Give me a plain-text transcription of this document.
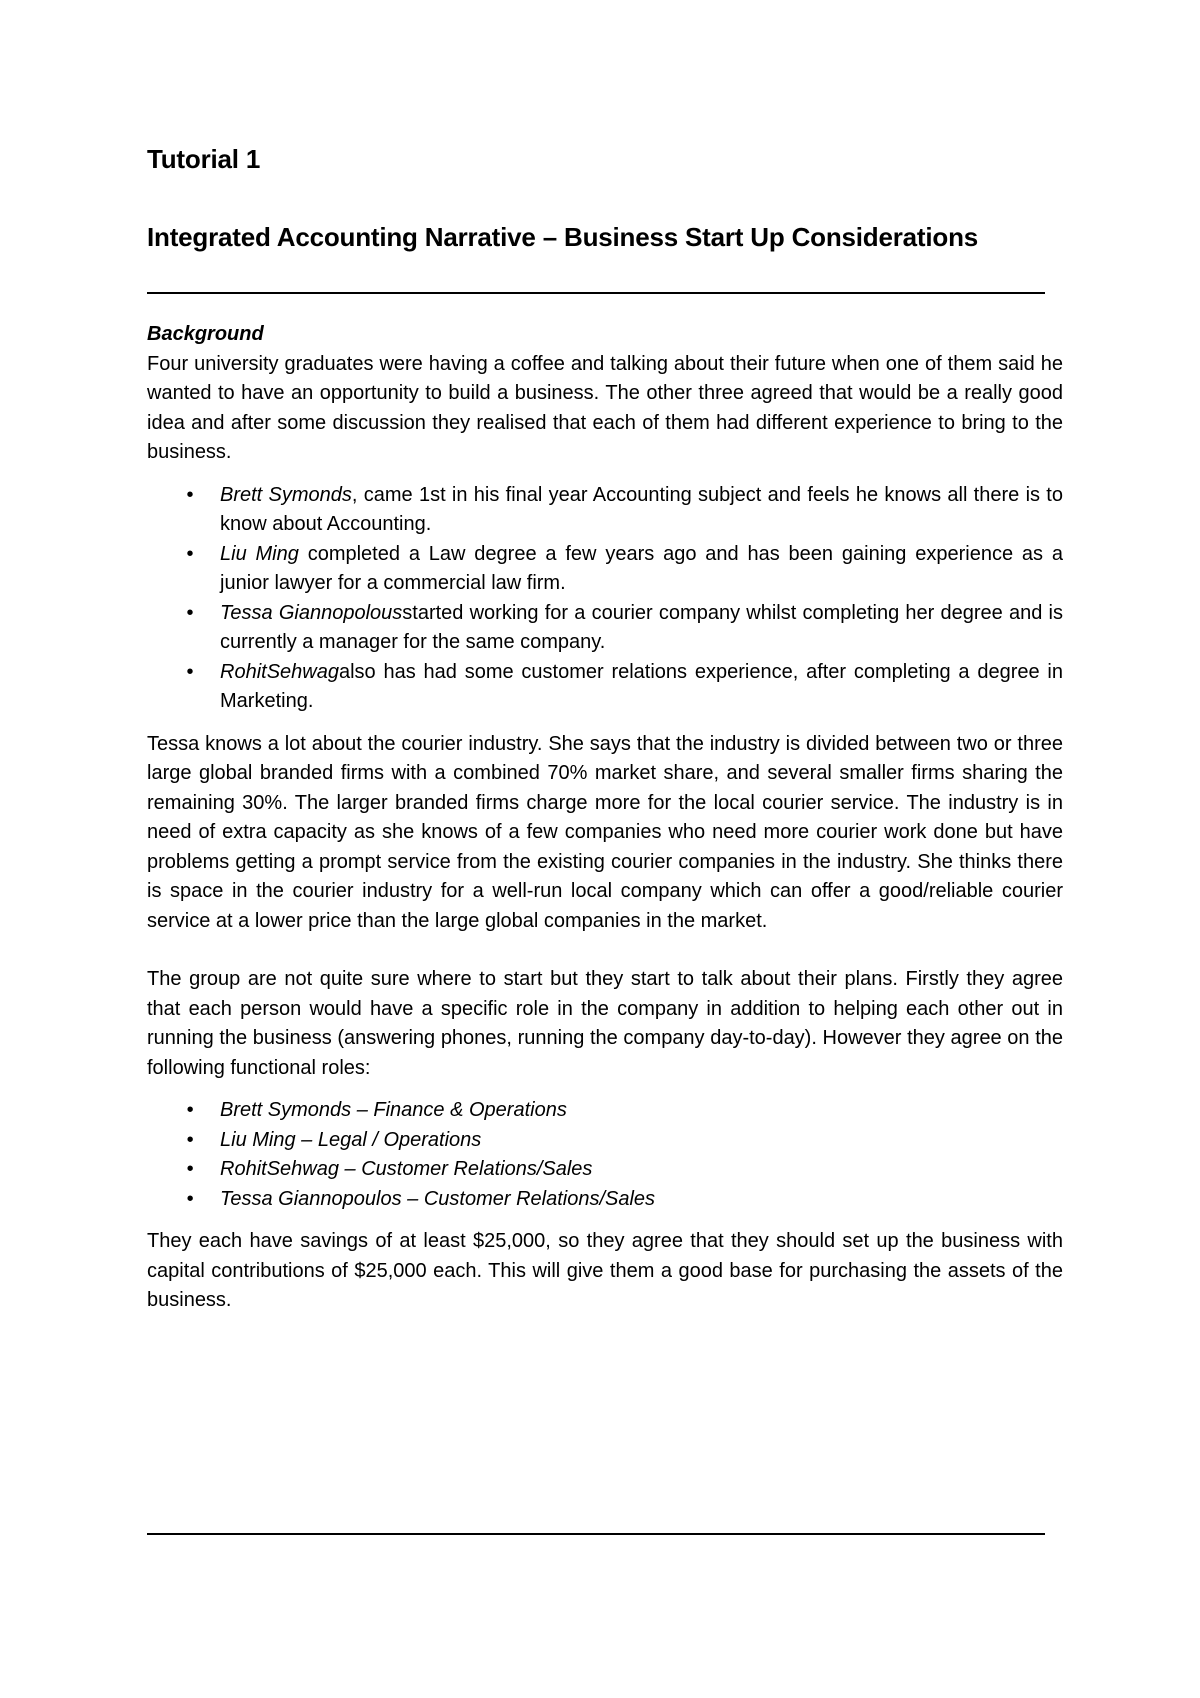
Tutorial 1
Integrated Accounting Narrative – Business Start Up Considerations

Background

Four university graduates were having a coffee and talking about their future when one of them said he wanted to have an opportunity to build a business. The other three agreed that would be a really good idea and after some discussion they realised that each of them had different experience to bring to the business.

•	Brett Symonds, came 1st in his final year Accounting subject and feels he knows all there is to know about Accounting.
•	Liu Ming completed a Law degree a few years ago and has been gaining experience as a junior lawyer for a commercial law firm.
•	Tessa Giannopolousstarted working for a courier company whilst completing her degree and is currently a manager for the same company.
•	RohitSehwagalso has had some customer relations experience, after completing a degree in Marketing.

Tessa knows a lot about the courier industry. She says that the industry is divided between two or three large global branded firms with a combined 70% market share, and several smaller firms sharing the remaining 30%. The larger branded firms charge more for the local courier service. The industry is in need of extra capacity as she knows of a few companies who need more courier work done but have problems getting a prompt service from the existing courier companies in the industry. She thinks there is space in the courier industry for a well-run local company which can offer a good/reliable courier service at a lower price than the large global companies in the market.

The group are not quite sure where to start but they start to talk about their plans. Firstly they agree that each person would have a specific role in the company in addition to helping each other out in running the business (answering phones, running the company day-to-day). However they agree on the following functional roles:

•	Brett Symonds – Finance & Operations
•	Liu Ming – Legal / Operations
•	RohitSehwag – Customer Relations/Sales
•	Tessa Giannopoulos – Customer Relations/Sales

They each have savings of at least $25,000, so they agree that they should set up the business with capital contributions of $25,000 each. This will give them a good base for purchasing the assets of the business.
